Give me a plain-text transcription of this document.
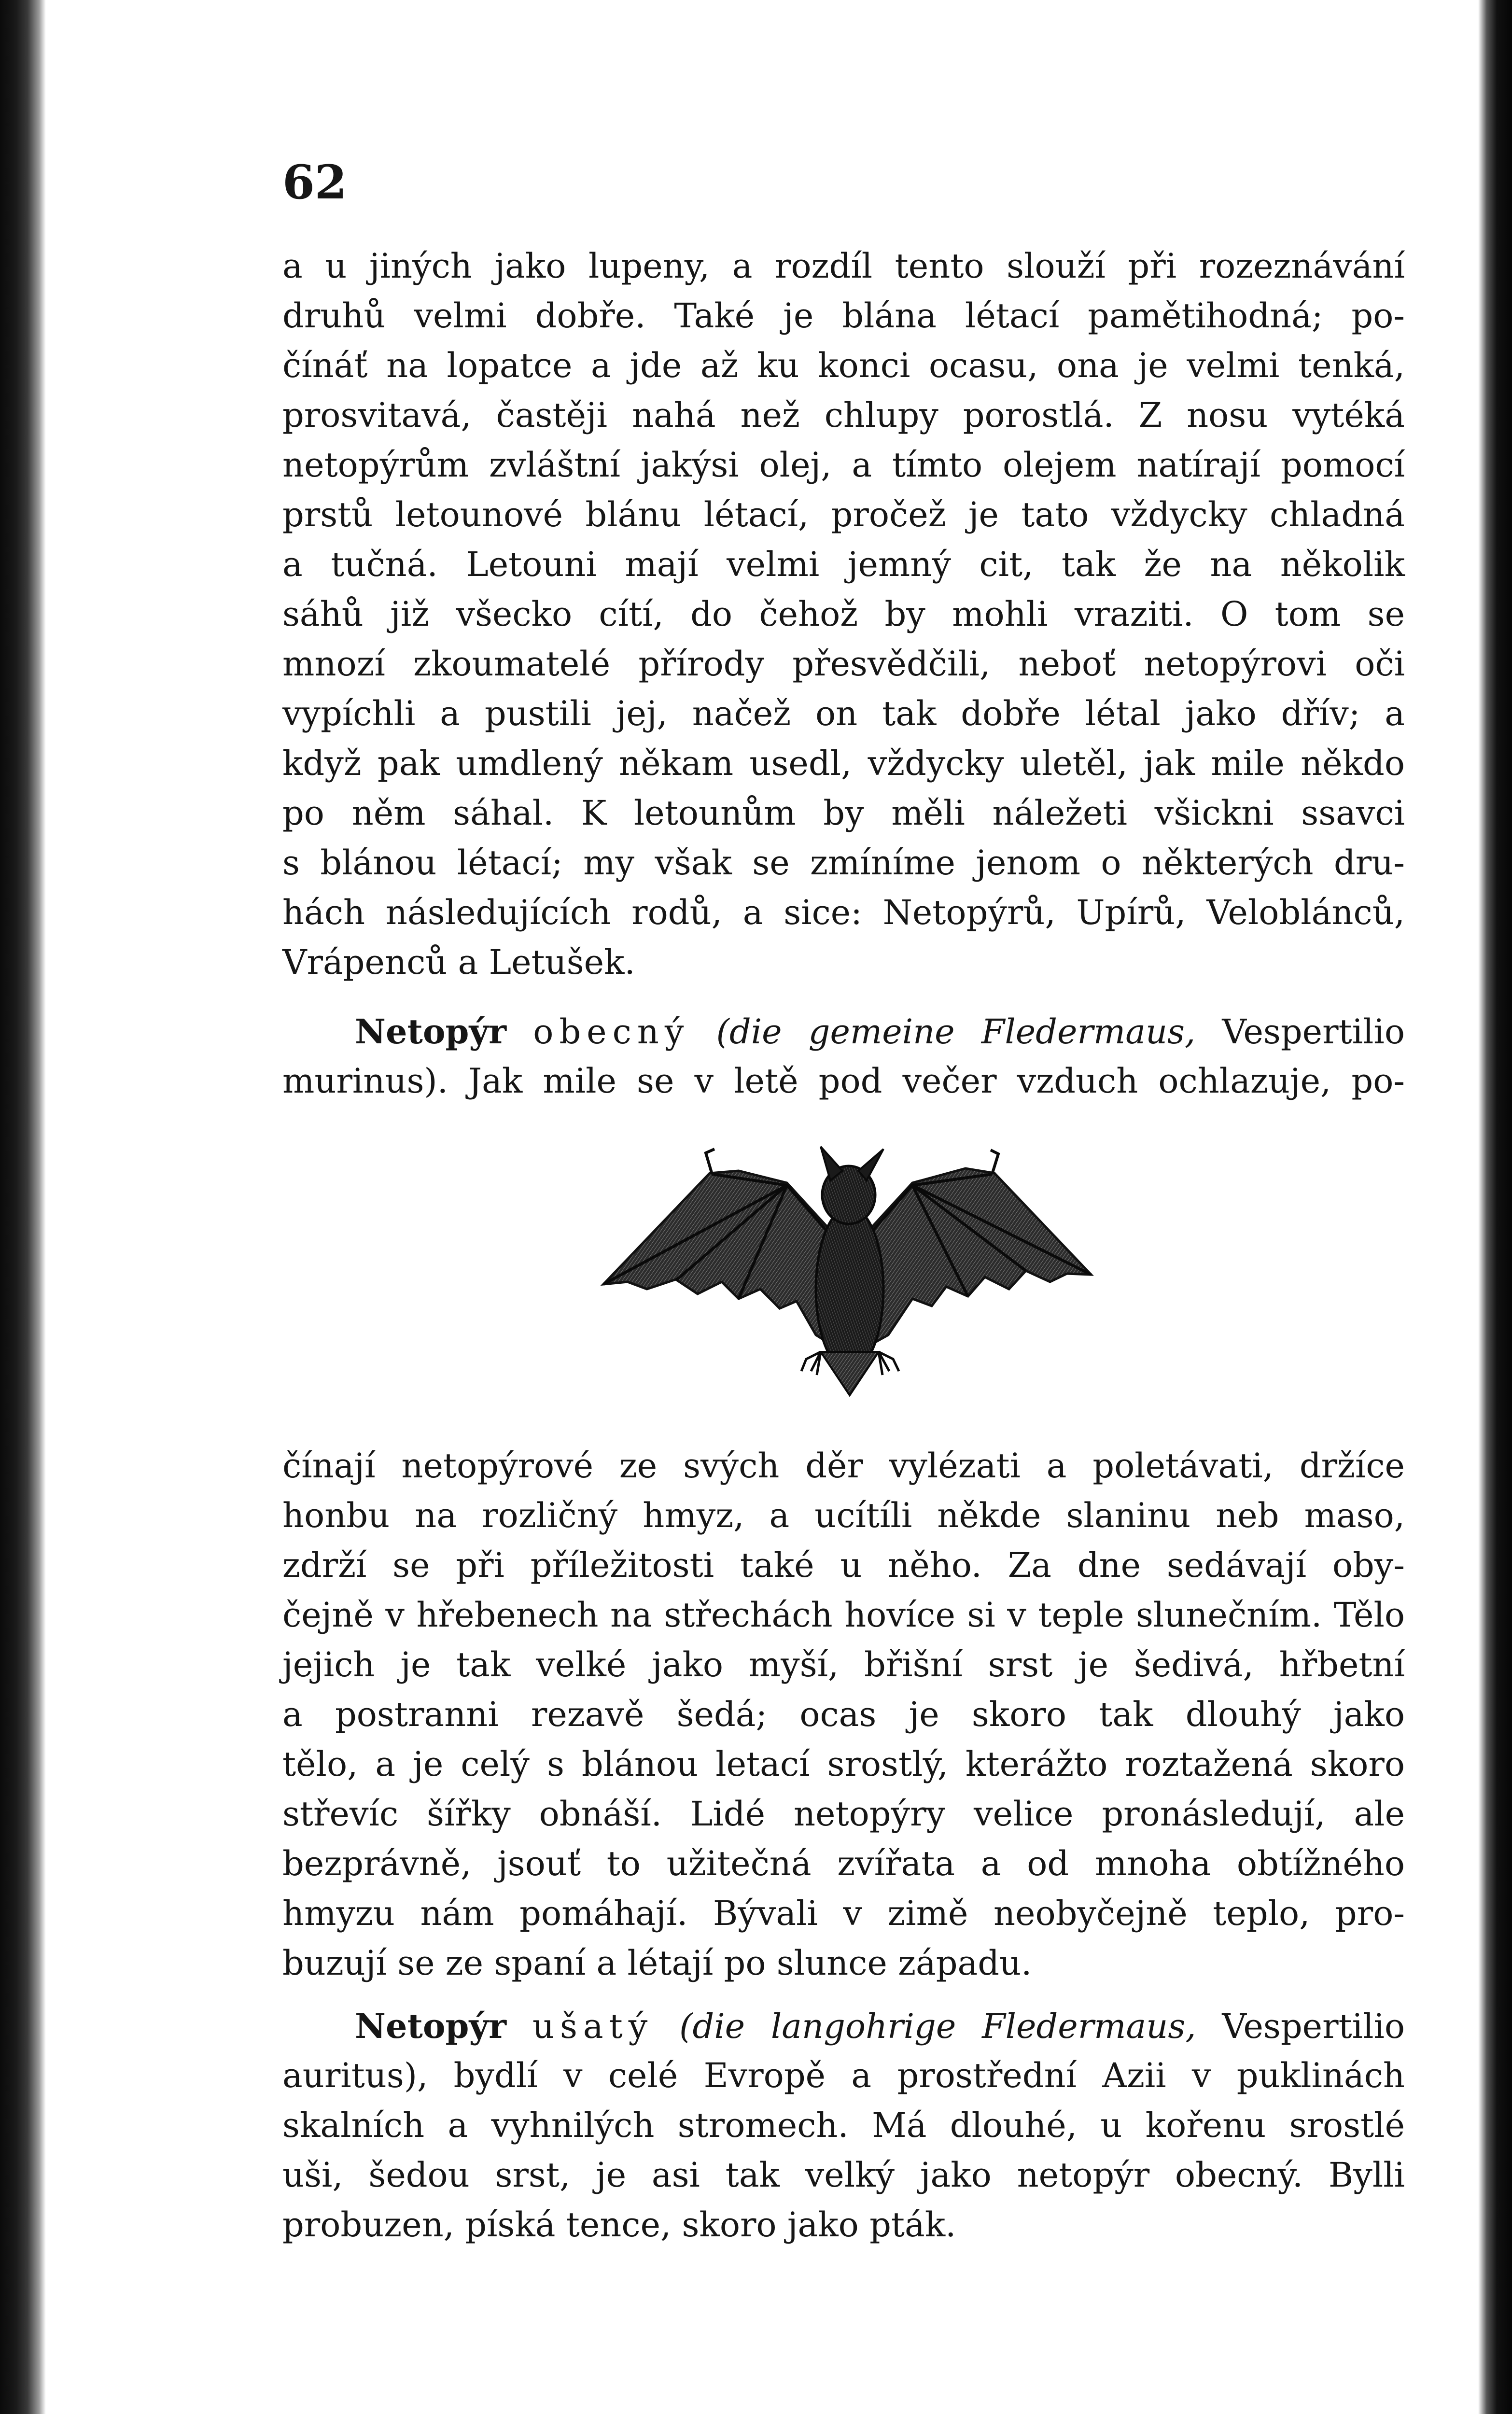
62
a u jiných jako lupeny, a rozdíl tento slouží při rozeznávání
druhů velmi dobře. Také je blána létací pamětihodná; po-
čínáť na lopatce a jde až ku konci ocasu, ona je velmi tenká,
prosvitavá, častěji nahá než chlupy porostlá. Z nosu vytéká
netopýrům zvláštní jakýsi olej, a tímto olejem natírají pomocí
prstů letounové blánu létací, pročež je tato vždycky chladná
a tučná. Letouni mají velmi jemný cit, tak že na několik
sáhů již všecko cítí, do čehož by mohli vraziti. O tom se
mnozí zkoumatelé přírody přesvědčili, neboť netopýrovi oči
vypíchli a pustili jej, načež on tak dobře létal jako dřív; a
když pak umdlený někam usedl, vždycky uletěl, jak mile někdo
po něm sáhal. K letounům by měli náležeti všickni ssavci
s blánou létací; my však se zmíníme jenom o některých dru-
hách následujících rodů, a sice: Netopýrů, Upírů, Veloblánců,
Vrápenců a Letušek.
Netopýr obecný (die gemeine Fledermaus, Vespertilio
murinus). Jak mile se v letě pod večer vzduch ochlazuje, po-
čínají netopýrové ze svých děr vylézati a poletávati, držíce
honbu na rozličný hmyz, a ucítíli někde slaninu neb maso,
zdrží se při příležitosti také u něho. Za dne sedávají oby-
čejně v hřebenech na střechách hovíce si v teple slunečním. Tělo
jejich je tak velké jako myší, břišní srst je šedivá, hřbetní
a postranni rezavě šedá; ocas je skoro tak dlouhý jako
tělo, a je celý s blánou letací srostlý, kterážto roztažená skoro
střevíc šířky obnáší. Lidé netopýry velice pronásledují, ale
bezprávně, jsouť to užitečná zvířata a od mnoha obtížného
hmyzu nám pomáhají. Bývali v zimě neobyčejně teplo, pro-
buzují se ze spaní a létají po slunce západu.
Netopýr ušatý (die langohrige Fledermaus, Vespertilio
auritus), bydlí v celé Evropě a prostřední Azii v puklinách
skalních a vyhnilých stromech. Má dlouhé, u kořenu srostlé
uši, šedou srst, je asi tak velký jako netopýr obecný. Bylli
probuzen, píská tence, skoro jako pták.
